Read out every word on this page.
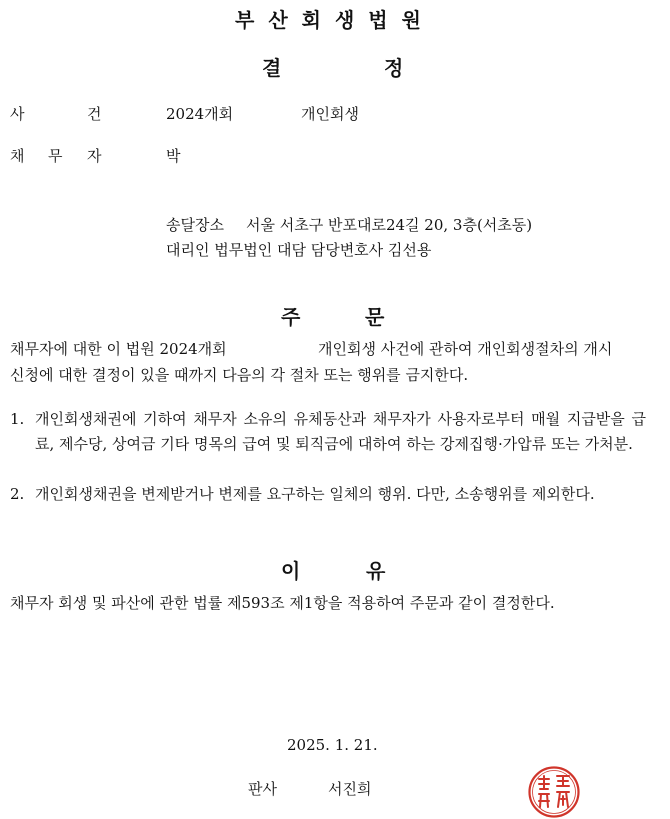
부산회생법원
결	정
사	건	2024개회	개인회생
채 무 자	박
송달장소 서울 서초구 반포대로24길 20, 3층(서초동)
대리인 법무법인 대담 담당변호사 김선용
주	문
채무자에 대한 이 법원 2024개회	개인회생 사건에 관하여 개인회생절차의 개시
신청에 대한 결정이 있을 때까지 다음의 각 절차 또는 행위를 금지한다.
1. 개인회생채권에 기하여 채무자 소유의 유체동산과 채무자가 사용자로부터 매월 지급받을 급료, 제수당, 상여금 기타 명목의 급여 및 퇴직금에 대하여 하는 강제집행·가압류 또는 가처분.
2. 개인회생채권을 변제받거나 변제를 요구하는 일체의 행위. 다만, 소송행위를 제외한다.
이	유
채무자 회생 및 파산에 관한 법률 제593조 제1항을 적용하여 주문과 같이 결정한다.
2025. 1. 21.
판사	서진희
